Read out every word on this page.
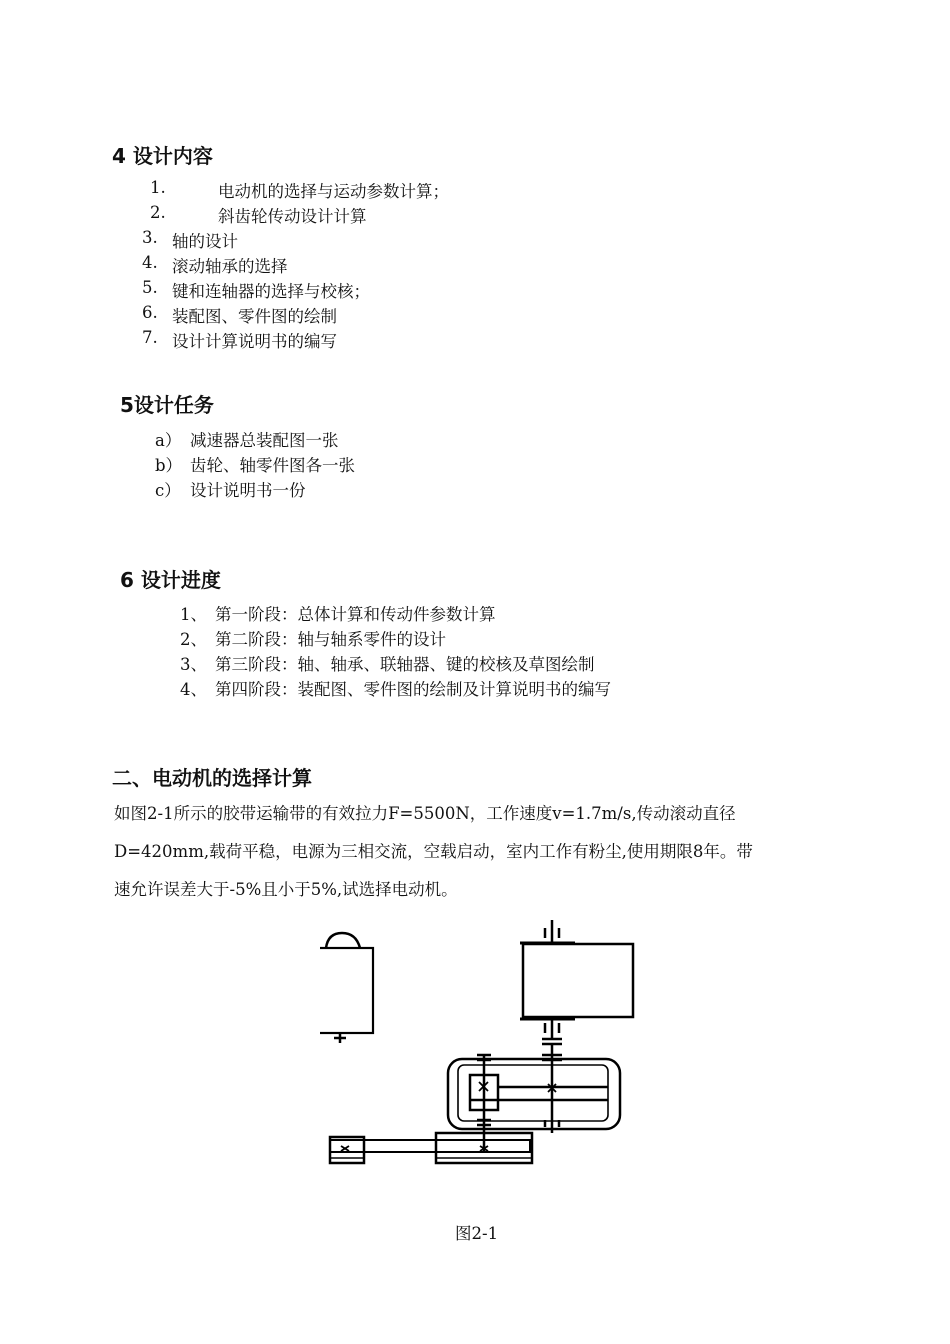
4 设计内容
1.	电动机的选择与运动参数计算；
2.	斜齿轮传动设计计算
3. 轴的设计
4. 滚动轴承的选择
5. 键和连轴器的选择与校核；
6. 装配图、零件图的绘制
7. 设计计算说明书的编写
5设计任务
a） 减速器总装配图一张
b） 齿轮、轴零件图各一张
c） 设计说明书一份
6 设计进度
1、 第一阶段：总体计算和传动件参数计算
2、 第二阶段：轴与轴系零件的设计
3、 第三阶段：轴、轴承、联轴器、键的校核及草图绘制
4、 第四阶段：装配图、零件图的绘制及计算说明书的编写
二、电动机的选择计算
如图2-1所示的胶带运输带的有效拉力F=5500N，工作速度v=1.7m/s,传动滚动直径
D=420mm,载荷平稳，电源为三相交流，空载启动，室内工作有粉尘,使用期限8年。带
速允许误差大于-5%且小于5%,试选择电动机。
图2-1
